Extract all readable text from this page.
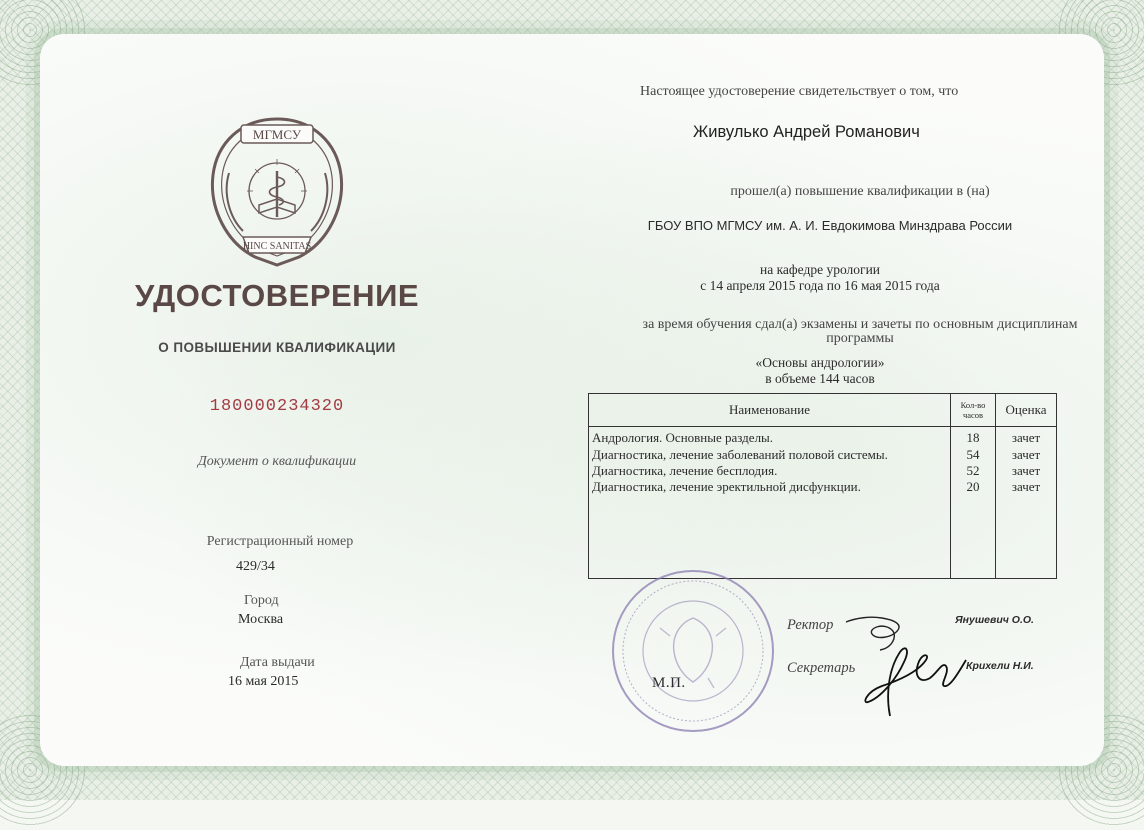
МГМСУ
HINC SANITAS
УДОСТОВЕРЕНИЕ
О ПОВЫШЕНИИ КВАЛИФИКАЦИИ
180000234320
Документ о квалификации
Регистрационный номер
429/34
Город
Москва
Дата выдачи
16 мая 2015
Настоящее удостоверение свидетельствует о том, что
Живулько Андрей Романович
прошел(а) повышение квалификации в (на)
ГБОУ ВПО МГМСУ им. А. И. Евдокимова Минздрава России
на кафедре урологии
с 14 апреля 2015 года по 16 мая 2015 года
за время обучения сдал(а) экзамены и зачеты по основным дисциплинам
программы
«Основы андрологии»
в объеме 144 часов
Наименование	Кол-во часов	Оценка
Андрология. Основные разделы.	18	зачет
Диагностика, лечение заболеваний половой системы.	54	зачет
Диагностика, лечение бесплодия.	52	зачет
Диагностика, лечение эректильной дисфункции.	20	зачет

М.П.
Ректор	Янушевич О.О.
Секретарь	Крихели Н.И.
